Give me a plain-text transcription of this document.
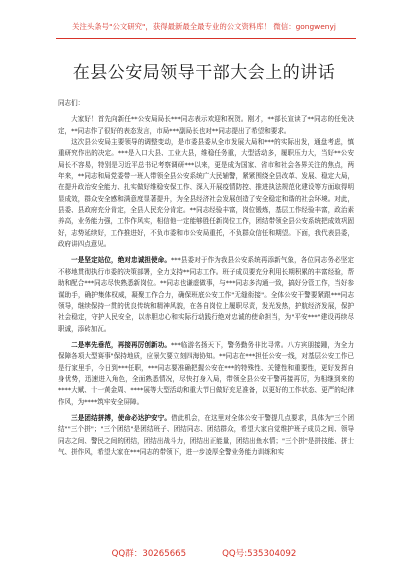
关注头条号"公文研究"，获得最新最全最专业的公文资料库！ 微信：gongwenyj
在县公安局领导干部大会上的讲话

同志们：

大家好！首先向新任**公安局局长***同志表示欢迎和祝贺。刚才，**部长宣读了**同志的任免决定，**同志作了很好的表态发言，市局***副局长也对**同志提出了希望和要求。

这次县公安局主要领导的调整变动，是市委县委从全市发展大局和***的实际出发，通盘考虑，慎重研究作出的决定。***是入口大县、工业大县，维稳任务重，大型活动多，履职压力大，当好**公安局长不容易，特别是习近平总书记考察调研***以来，更是成为国家、省市和社会各界关注的焦点，两年来，**同志和局党委带一班人带领全县公安系统广大民辅警，紧紧围绕全县改革、发展、稳定大局，在提升政治安全能力、扎实做好维稳安保工作、深入开展疫情防控、推进执法规范化建设等方面取得明显成效，群众安全感和满意度显著提升，为全县经济社会发展创造了安全稳定和谐的社会环境。对此，县委、县政府充分肯定，全县人民充分肯定。**同志经验丰富，岗位锻炼，基层工作经验丰富，政治素养高，业务能力强，工作作风实，相信他一定能够胜任新岗位工作，团结带领全县公安系统把成效巩固好，志势延续好，工作推进好，不负市委和市公安局重托，不负群众信任和期望。下面，我代表县委，政府讲四点意见。

一是坚定站位，绝对忠诚担使命。***县委对于作为我县公安系统再添新气象，各位同志务必坚定不移地贯彻执行市委的决策部署，全力支持**同志工作。班子成员要充分利用长期积累的丰富经验，帮助和配合***同志尽快熟悉新岗位。**同志也谦虚做事，与***同志多沟通一致，搞好分管工作，当好参谋助手，确护集体权威，凝聚工作合力，确保班底公安工作"无缝衔接"。全体公安干警要紧跟***同志领导，继续保持一贯的优良传统和精神风貌，在各自岗位上履职尽责，发光发热，护航经济发展，保护社会稳定，守护人民安全，以赤胆忠心和实际行动践行绝对忠诚的使命担当，为"平安***"建设再续尽职诚，添砖加瓦。

二是率先垂范，再接再厉创新功。***临游名扬天下，警务勤务非比寻常。八方宾朋接踵，为全力保障各项大型赛事"保持地质，应景欠要立刻四海协知。**同志在***担任公安一线，对基层公安工作已是行家里手，今日到***任职，***同志要准确把握公安在***的特殊性、关键性和重要性，更好发挥自身优势，迅速进入角色，全面熟悉情况，尽快打身入局，带领全县公安干警再接再厉，为相继到来的****大赋、十一黄金周、****展等大型活动和重大节日做好充足准备，以更好的工作状态、更严的纪律作风，为****筑牢安全屏障。

三是团结拼搏，使命必达护安宁。借此机会，在这里对全体公安干警提几点要求，具体为"三个团结""三个拼"；"三个团结"是团结班子、团结同志、团结群众，希望大家自觉维护班子成员之间、领导同志之间、警民之间的团结，团结出战斗力，团结出正能量，团结出鱼水情；"三个拼"是拼技能、拼士气、拼作风，希望大家在***同志的带领下，进一步凌厚全警业务能力训练和实

QQ群：30265665	QQ号:535304092
